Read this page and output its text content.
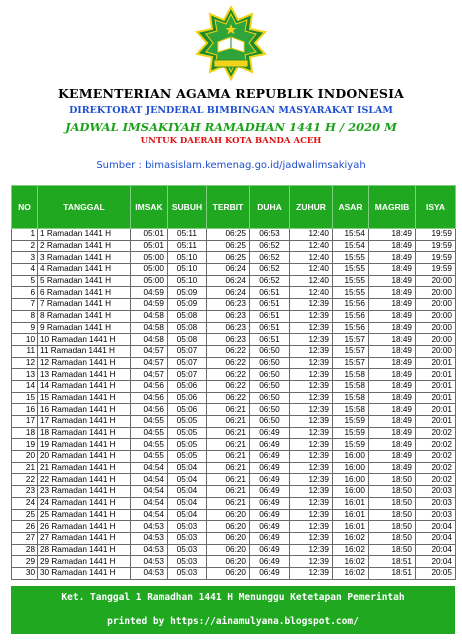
KEMENTERIAN AGAMA REPUBLIK INDONESIA
DIREKTORAT JENDERAL BIMBINGAN MASYARAKAT ISLAM
JADWAL IMSAKIYAH RAMADHAN 1441 H / 2020 M
UNTUK DAERAH KOTA BANDA ACEH
Sumber : bimasislam.kemenag.go.id/jadwalimsakiyah
NO	TANGGAL	IMSAK	SUBUH	TERBIT	DUHA	ZUHUR	ASAR	MAGRIB	ISYA
1	1 Ramadan 1441 H	05:01	05:11	06:25	06:53	12:40	15:54	18:49	19:59
2	2 Ramadan 1441 H	05:01	05:11	06:25	06:52	12:40	15:54	18:49	19:59
3	3 Ramadan 1441 H	05:00	05:10	06:25	06:52	12:40	15:55	18:49	19:59
4	4 Ramadan 1441 H	05:00	05:10	06:24	06:52	12:40	15:55	18:49	19:59
5	5 Ramadan 1441 H	05:00	05:10	06:24	06:52	12:40	15:55	18:49	20:00
6	6 Ramadan 1441 H	04:59	05:09	06:24	06:51	12:40	15:55	18:49	20:00
7	7 Ramadan 1441 H	04:59	05:09	06:23	06:51	12:39	15:56	18:49	20:00
8	8 Ramadan 1441 H	04:58	05:08	06:23	06:51	12:39	15:56	18:49	20:00
9	9 Ramadan 1441 H	04:58	05:08	06:23	06:51	12:39	15:56	18:49	20:00
10	10 Ramadan 1441 H	04:58	05:08	06:23	06:51	12:39	15:57	18:49	20:00
11	11 Ramadan 1441 H	04:57	05:07	06:22	06:50	12:39	15:57	18:49	20:00
12	12 Ramadan 1441 H	04:57	05:07	06:22	06:50	12:39	15:57	18:49	20:01
13	13 Ramadan 1441 H	04:57	05:07	06:22	06:50	12:39	15:58	18:49	20:01
14	14 Ramadan 1441 H	04:56	05:06	06:22	06:50	12:39	15:58	18:49	20:01
15	15 Ramadan 1441 H	04:56	05:06	06:22	06:50	12:39	15:58	18:49	20:01
16	16 Ramadan 1441 H	04:56	05:06	06:21	06:50	12:39	15:58	18:49	20:01
17	17 Ramadan 1441 H	04:55	05:05	06:21	06:50	12:39	15:59	18:49	20:01
18	18 Ramadan 1441 H	04:55	05:05	06:21	06:49	12:39	15:59	18:49	20:02
19	19 Ramadan 1441 H	04:55	05:05	06:21	06:49	12:39	15:59	18:49	20:02
20	20 Ramadan 1441 H	04:55	05:05	06:21	06:49	12:39	16:00	18:49	20:02
21	21 Ramadan 1441 H	04:54	05:04	06:21	06:49	12:39	16:00	18:49	20:02
22	22 Ramadan 1441 H	04:54	05:04	06:21	06:49	12:39	16:00	18:50	20:02
23	23 Ramadan 1441 H	04:54	05:04	06:21	06:49	12:39	16:00	18:50	20:03
24	24 Ramadan 1441 H	04:54	05:04	06:21	06:49	12:39	16:01	18:50	20:03
25	25 Ramadan 1441 H	04:54	05:04	06:20	06:49	12:39	16:01	18:50	20:03
26	26 Ramadan 1441 H	04:53	05:03	06:20	06:49	12:39	16:01	18:50	20:04
27	27 Ramadan 1441 H	04:53	05:03	06:20	06:49	12:39	16:02	18:50	20:04
28	28 Ramadan 1441 H	04:53	05:03	06:20	06:49	12:39	16:02	18:50	20:04
29	29 Ramadan 1441 H	04:53	05:03	06:20	06:49	12:39	16:02	18:51	20:04
30	30 Ramadan 1441 H	04:53	05:03	06:20	06:49	12:39	16:02	18:51	20:05
Ket. Tanggal 1 Ramadhan 1441 H Menunggu Ketetapan Pemerintah
printed by https://ainamulyana.blogspot.com/
